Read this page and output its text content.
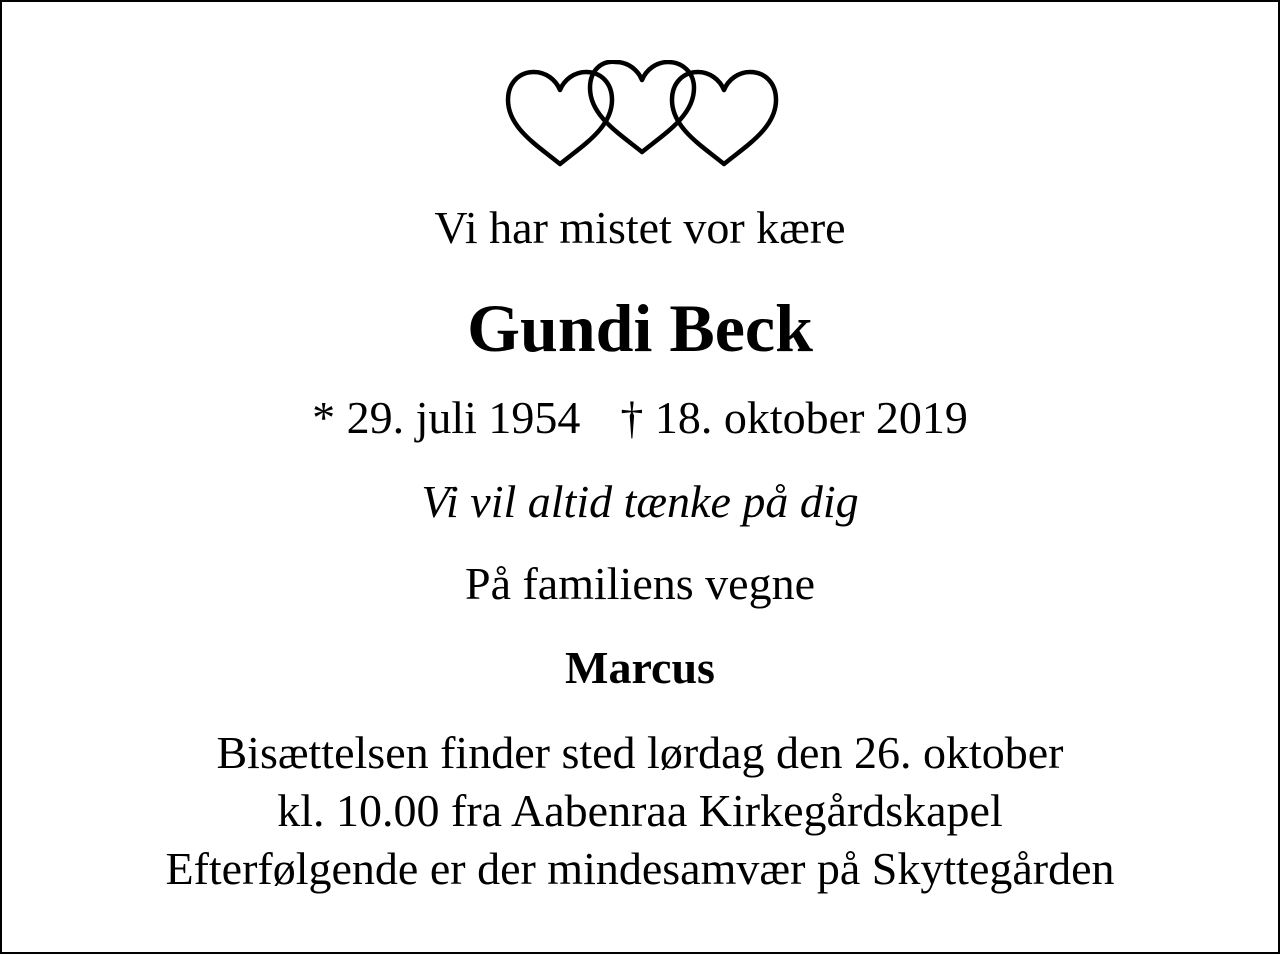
Vi har mistet vor kære
Gundi Beck
* 29. juli 1954 † 18. oktober 2019
Vi vil altid tænke på dig
På familiens vegne
Marcus
Bisættelsen finder sted lørdag den 26. oktober
kl. 10.00 fra Aabenraa Kirkegårdskapel
Efterfølgende er der mindesamvær på Skyttegården
